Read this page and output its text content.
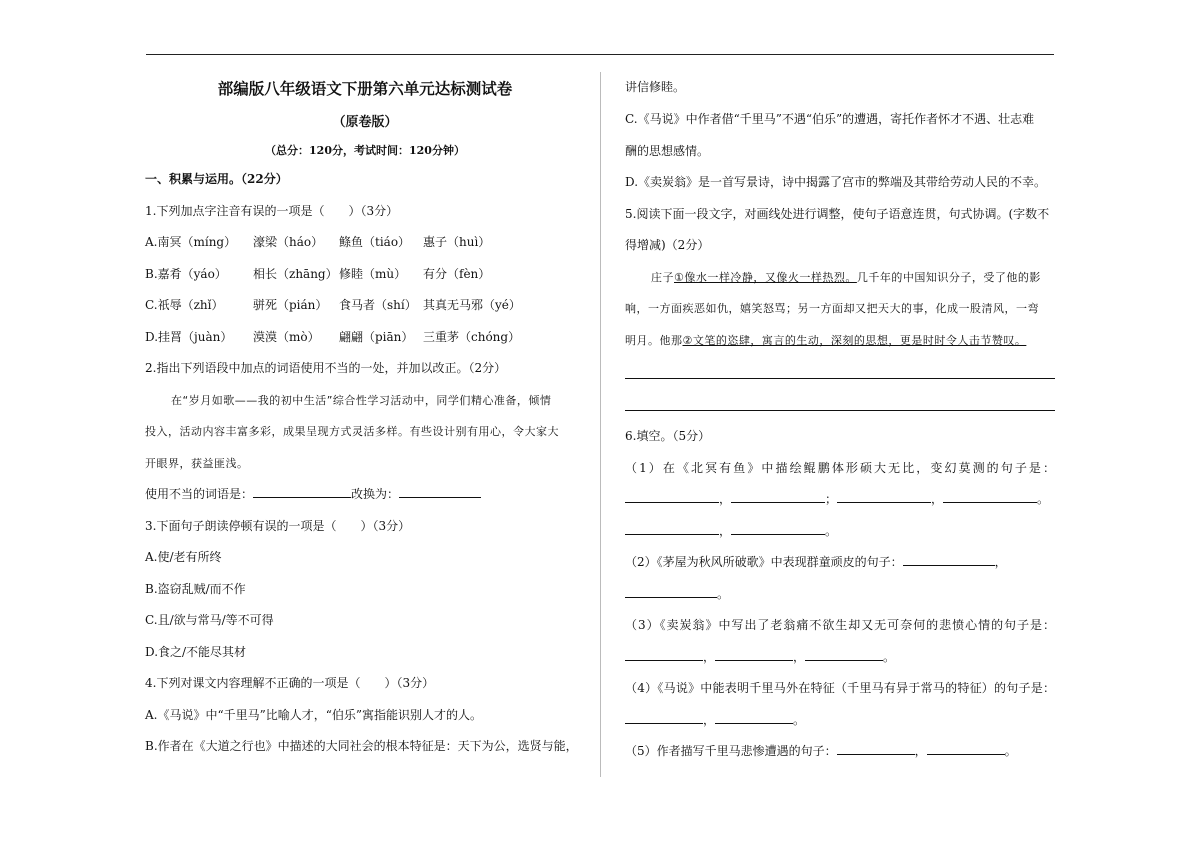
部编版八年级语文下册第六单元达标测试卷
（原卷版）
（总分：120分，考试时间：120分钟）
一、积累与运用。（22分）
1.下列加点字注音有误的一项是（　　）（3分）
A.南冥（míng） 濠梁（háo） 鲦鱼（tiáo） 惠子（huì）
B.嘉肴（yáo） 相长（zhāng）修睦（mù） 有分（fèn）
C.祇辱（zhǐ） 骈死（pián） 食马者（shí） 其真无马邪（yé）
D.挂罥（juàn） 漠漠（mò） 翩翩（piān） 三重茅（chóng）
2.指出下列语段中加点的词语使用不当的一处，并加以改正。（2分）
在“岁月如歌——我的初中生活”综合性学习活动中，同学们精心准备，倾情
投入，活动内容丰富多彩，成果呈现方式灵活多样。有些设计别有用心，令大家大
开眼界，获益匪浅。
使用不当的词语是：	改换为：
3.下面句子朗读停顿有误的一项是（　　）（3分）
A.使/老有所终
B.盗窃乱贼/而不作
C.且/欲与常马/等不可得
D.食之/不能尽其材
4.下列对课文内容理解不正确的一项是（　　）（3分）
A.《马说》中“千里马”比喻人才，“伯乐”寓指能识别人才的人。
B.作者在《大道之行也》中描述的大同社会的根本特征是：天下为公，选贤与能，
讲信修睦。
C.《马说》中作者借“千里马”不遇“伯乐”的遭遇，寄托作者怀才不遇、壮志难
酬的思想感情。
D.《卖炭翁》是一首写景诗，诗中揭露了宫市的弊端及其带给劳动人民的不幸。
5.阅读下面一段文字，对画线处进行调整，使句子语意连贯，句式协调。(字数不
得增减)（2分）
庄子①像水一样冷静，又像火一样热烈。几千年的中国知识分子，受了他的影
响，一方面疾恶如仇，嬉笑怒骂；另一方面却又把天大的事，化成一股清风，一弯
明月。他那②文笔的恣肆，寓言的生动，深刻的思想，更是时时令人击节赞叹。
6.填空。（5分）
（1）在《北冥有鱼》中描绘鲲鹏体形硕大无比，变幻莫测的句子是：
，	；	，	。
，	。
（2）《茅屋为秋风所破歌》中表现群童顽皮的句子：	，
。
（3）《卖炭翁》中写出了老翁痛不欲生却又无可奈何的悲愤心情的句子是：
，	，	。
（4）《马说》中能表明千里马外在特征（千里马有异于常马的特征）的句子是：
，	。
（5）作者描写千里马悲惨遭遇的句子：	，	。
